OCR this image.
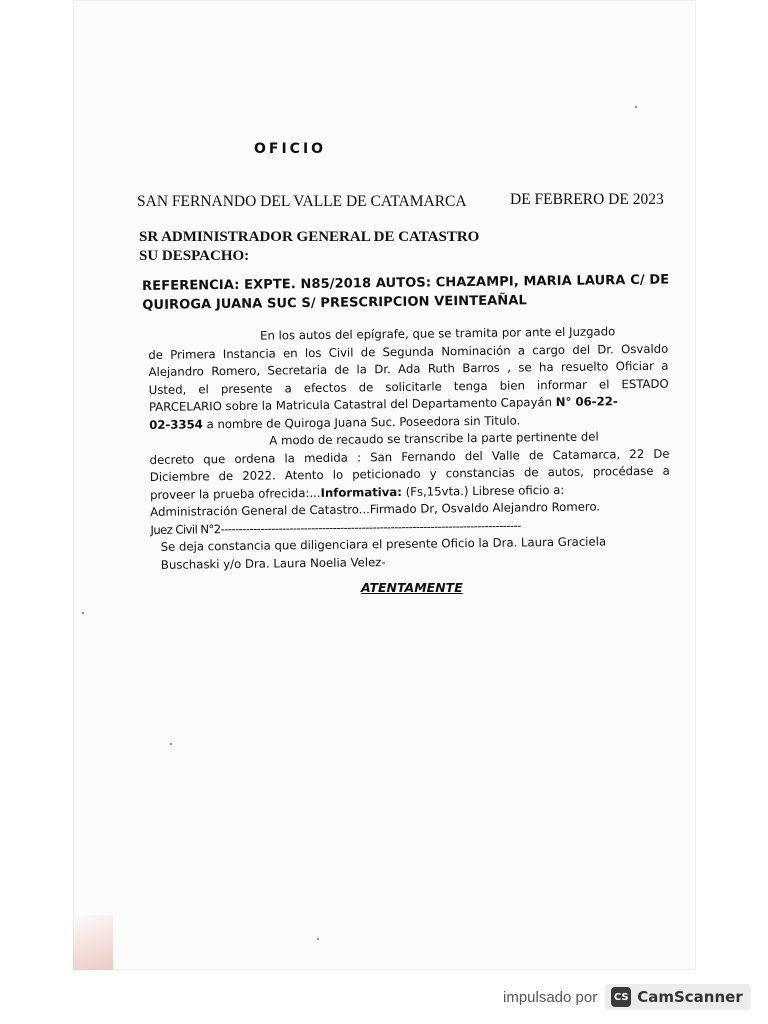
OFICIO
SAN FERNANDO DEL VALLE DE CATAMARCA	DE FEBRERO DE 2023
SR ADMINISTRADOR GENERAL DE CATASTRO
SU DESPACHO:
REFERENCIA: EXPTE. N85/2018 AUTOS: CHAZAMPI, MARIA LAURA C/ DE
QUIROGA JUANA SUC S/ PRESCRIPCION VEINTEAÑAL
En los autos del epígrafe, que se tramita por ante el Juzgado
de Primera Instancia en los Civil de Segunda Nominación a cargo del Dr. Osvaldo
Alejandro Romero, Secretaria de la Dr. Ada Ruth Barros , se ha resuelto Oficiar a
Usted, el presente a efectos de solicitarle tenga bien informar el ESTADO
PARCELARIO sobre la Matricula Catastral del Departamento Capayán N° 06-22-
02-3354 a nombre de Quiroga Juana Suc. Poseedora sin Titulo.
A modo de recaudo se transcribe la parte pertinente del
decreto que ordena la medida : San Fernando del Valle de Catamarca, 22 De
Diciembre de 2022. Atento lo peticionado y constancias de autos, procédase a
proveer la prueba ofrecida:...Informativa: (Fs,15vta.) Librese oficio a:
Administración General de Catastro...Firmado Dr, Osvaldo Alejandro Romero.
Juez Civil N°2-----------------------------------------------------------------------------------
Se deja constancia que diligenciara el presente Oficio la Dra. Laura Graciela
Buschaski y/o Dra. Laura Noelia Velez-
ATENTAMENTE
impulsado por CS CamScanner
